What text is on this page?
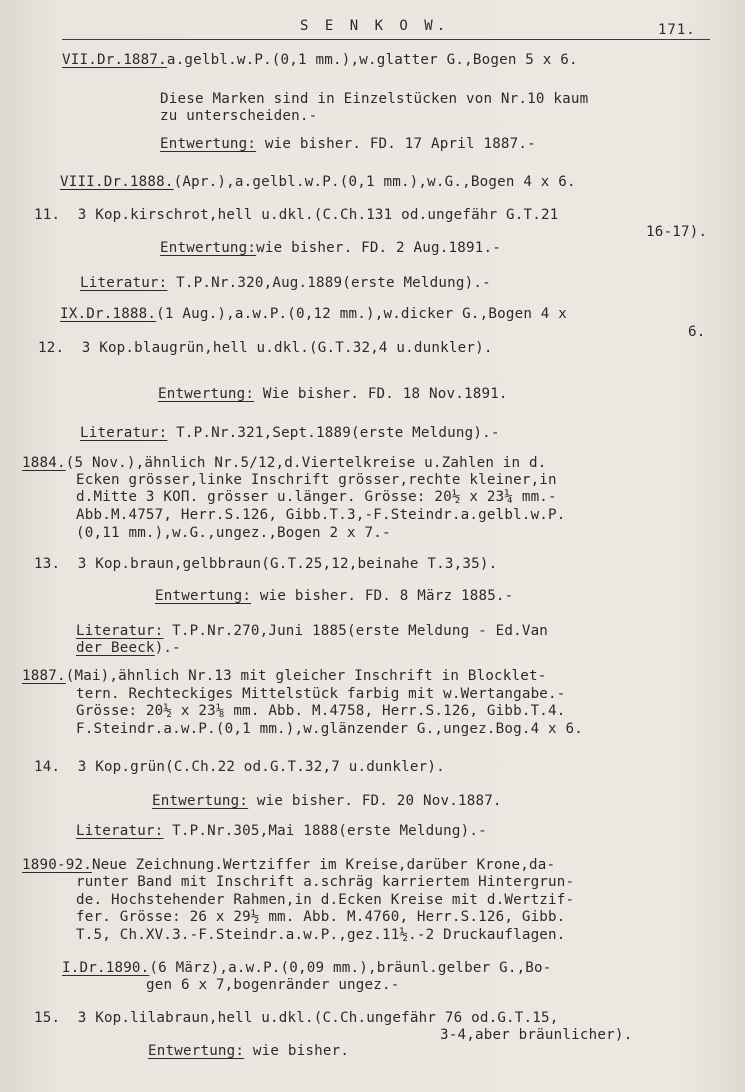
S E N K O W.	171.
VII.Dr.1887.a.gelbl.w.P.(0,1 mm.),w.glatter G.,Bogen 5 x 6.
Diese Marken sind in Einzelstücken von Nr.10 kaum
zu unterscheiden.-
Entwertung: wie bisher. FD. 17 April 1887.-
VIII.Dr.1888.(Apr.),a.gelbl.w.P.(0,1 mm.),w.G.,Bogen 4 x 6.
11.  3 Kop.kirschrot,hell u.dkl.(C.Ch.131 od.ungefähr G.T.21
16-17).
Entwertung:wie bisher. FD. 2 Aug.1891.-
Literatur: T.P.Nr.320,Aug.1889(erste Meldung).-
IX.Dr.1888.(1 Aug.),a.w.P.(0,12 mm.),w.dicker G.,Bogen 4 x
6.
12.  3 Kop.blaugrün,hell u.dkl.(G.T.32,4 u.dunkler).
Entwertung: Wie bisher. FD. 18 Nov.1891.
Literatur: T.P.Nr.321,Sept.1889(erste Meldung).-
1884.(5 Nov.),ähnlich Nr.5/12,d.Viertelkreise u.Zahlen in d.
Ecken grösser,linke Inschrift grösser,rechte kleiner,in
d.Mitte 3 КОП. grösser u.länger. Grösse: 20½ x 23¼ mm.-
Abb.M.4757, Herr.S.126, Gibb.T.3,-F.Steindr.a.gelbl.w.P.
(0,11 mm.),w.G.,ungez.,Bogen 2 x 7.-
13.  3 Kop.braun,gelbbraun(G.T.25,12,beinahe T.3,35).
Entwertung: wie bisher. FD. 8 März 1885.-
Literatur: T.P.Nr.270,Juni 1885(erste Meldung - Ed.Van
der Beeck).-
1887.(Mai),ähnlich Nr.13 mit gleicher Inschrift in Blocklet-
tern. Rechteckiges Mittelstück farbig mit w.Wertangabe.-
Grösse: 20½ x 23⅛ mm. Abb. M.4758, Herr.S.126, Gibb.T.4.
F.Steindr.a.w.P.(0,1 mm.),w.glänzender G.,ungez.Bog.4 x 6.
14.  3 Kop.grün(C.Ch.22 od.G.T.32,7 u.dunkler).
Entwertung: wie bisher. FD. 20 Nov.1887.
Literatur: T.P.Nr.305,Mai 1888(erste Meldung).-
1890-92.Neue Zeichnung.Wertziffer im Kreise,darüber Krone,da-
runter Band mit Inschrift a.schräg karriertem Hintergrun-
de. Hochstehender Rahmen,in d.Ecken Kreise mit d.Wertzif-
fer. Grösse: 26 x 29½ mm. Abb. M.4760, Herr.S.126, Gibb.
T.5, Ch.XV.3.-F.Steindr.a.w.P.,gez.11½.-2 Druckauflagen.
I.Dr.1890.(6 März),a.w.P.(0,09 mm.),bräunl.gelber G.,Bo-
gen 6 x 7,bogenränder ungez.-
15.  3 Kop.lilabraun,hell u.dkl.(C.Ch.ungefähr 76 od.G.T.15,
3-4,aber bräunlicher).
Entwertung: wie bisher.
